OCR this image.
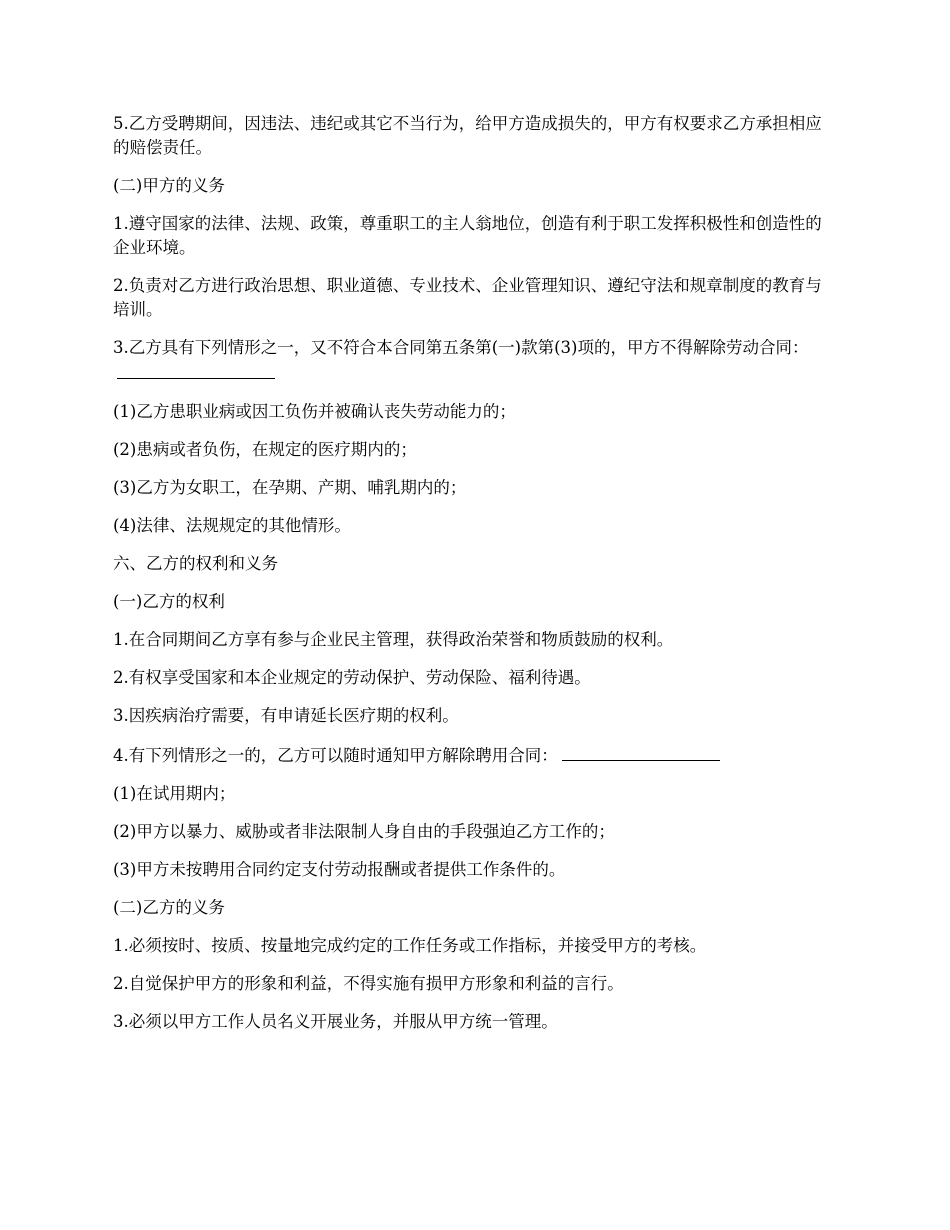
5.乙方受聘期间，因违法、违纪或其它不当行为，给甲方造成损失的，甲方有权要求乙方承担相应的赔偿责任。

(二)甲方的义务

1.遵守国家的法律、法规、政策，尊重职工的主人翁地位，创造有利于职工发挥积极性和创造性的企业环境。

2.负责对乙方进行政治思想、职业道德、专业技术、企业管理知识、遵纪守法和规章制度的教育与培训。

3.乙方具有下列情形之一，又不符合本合同第五条第(一)款第(3)项的，甲方不得解除劳动合同：

(1)乙方患职业病或因工负伤并被确认丧失劳动能力的；

(2)患病或者负伤，在规定的医疗期内的；

(3)乙方为女职工，在孕期、产期、哺乳期内的；

(4)法律、法规规定的其他情形。

六、乙方的权利和义务

(一)乙方的权利

1.在合同期间乙方享有参与企业民主管理，获得政治荣誉和物质鼓励的权利。

2.有权享受国家和本企业规定的劳动保护、劳动保险、福利待遇。

3.因疾病治疗需要，有申请延长医疗期的权利。

4.有下列情形之一的，乙方可以随时通知甲方解除聘用合同：

(1)在试用期内；

(2)甲方以暴力、威胁或者非法限制人身自由的手段强迫乙方工作的；

(3)甲方未按聘用合同约定支付劳动报酬或者提供工作条件的。

(二)乙方的义务

1.必须按时、按质、按量地完成约定的工作任务或工作指标，并接受甲方的考核。

2.自觉保护甲方的形象和利益，不得实施有损甲方形象和利益的言行。

3.必须以甲方工作人员名义开展业务，并服从甲方统一管理。
